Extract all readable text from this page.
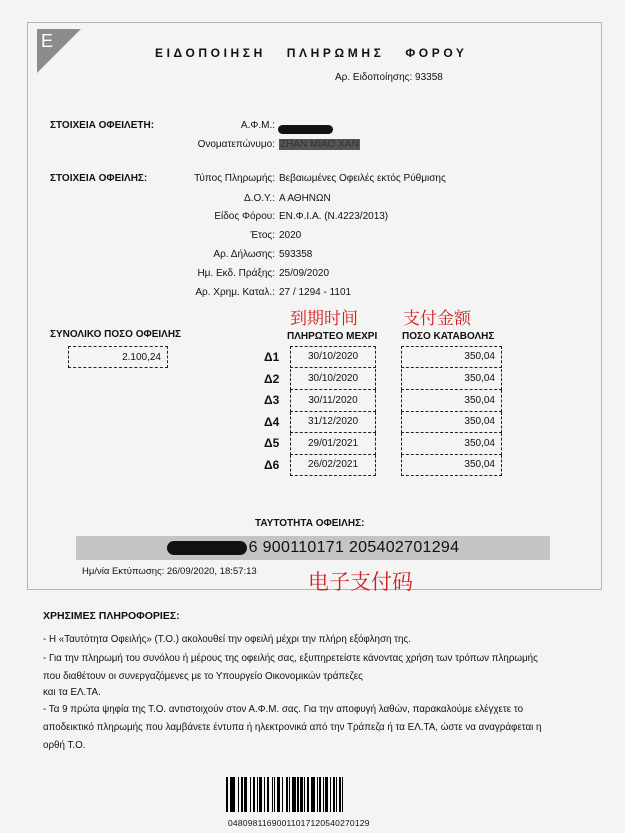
E
ΕΙΔΟΠΟΙΗΣΗ ΠΛΗΡΩΜΗΣ ΦΟΡΟΥ
Αρ. Ειδοποίησης: 93358
ΣΤΟΙΧΕΙΑ ΟΦΕΙΛΕΤΗ:	Α.Φ.Μ.:
Ονοματεπώνυμο: ΖΗΑΝ ΜΙΑΟ ΧΑΝ
ΣΤΟΙΧΕΙΑ ΟΦΕΙΛΗΣ:	Τύπος Πληρωμής: Βεβαιωμένες Οφειλές εκτός Ρύθμισης
Δ.Ο.Υ.: Α ΑΘΗΝΩΝ
Είδος Φόρου: ΕΝ.Φ.Ι.Α. (Ν.4223/2013)
Έτος: 2020
Αρ. Δήλωσης: 593358
Ημ. Εκδ. Πράξης: 25/09/2020
Αρ. Χρημ. Καταλ.: 27 / 1294 - 1101
到期时间	支付金额
电子支付码
ΣΥΝΟΛΙΚΟ ΠΟΣΟ ΟΦΕΙΛΗΣ
2.100,24
ΠΛΗΡΩΤΕΟ ΜΕΧΡΙ ΠΟΣΟ ΚΑΤΑΒΟΛΗΣ
Δ1	30/10/2020	350,04
Δ2	30/10/2020	350,04
Δ3	30/11/2020	350,04
Δ4	31/12/2020	350,04
Δ5	29/01/2021	350,04
Δ6	26/02/2021	350,04
ΤΑΥΤΟΤΗΤΑ ΟΦΕΙΛΗΣ:
6 900110171 205402701294
Ημ/νία Εκτύπωσης: 26/09/2020, 18:57:13
ΧΡΗΣΙΜΕΣ ΠΛΗΡΟΦΟΡΙΕΣ:
- Η «Ταυτότητα Οφειλής» (Τ.Ο.) ακολουθεί την οφειλή μέχρι την πλήρη εξόφληση της.
- Για την πληρωμή του συνόλου ή μέρους της οφειλής σας, εξυπηρετείστε κάνοντας χρήση των τρόπων πληρωμής
που διαθέτουν οι συνεργαζόμενες με το Υπουργείο Οικονομικών τράπεζες
και τα ΕΛ.ΤΑ.
- Τα 9 πρώτα ψηφία της Τ.Ο. αντιστοιχούν στον Α.Φ.Μ. σας. Για την αποφυγή λαθών, παρακαλούμε ελέγχετε το
αποδεικτικό πληρωμής που λαμβάνετε έντυπα ή ηλεκτρονικά από την Τράπεζα ή τα ΕΛ.ΤΑ, ώστε να αναγράφεται η
ορθή Τ.Ο.
04809811690011017120540270129
